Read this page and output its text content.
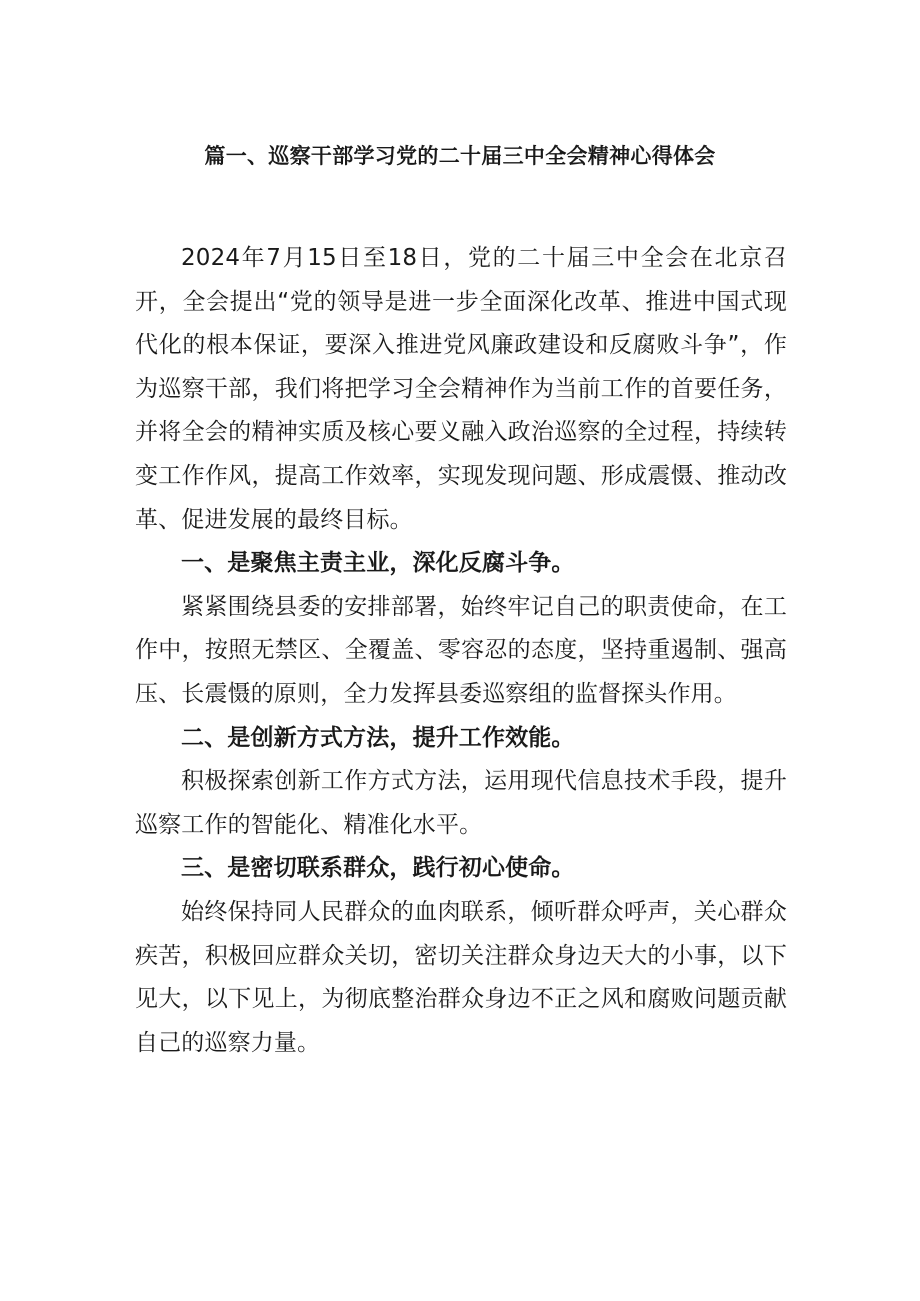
篇一、巡察干部学习党的二十届三中全会精神心得体会

2024年7月15日至18日，党的二十届三中全会在北京召开，全会提出“党的领导是进一步全面深化改革、推进中国式现代化的根本保证，要深入推进党风廉政建设和反腐败斗争”，作为巡察干部，我们将把学习全会精神作为当前工作的首要任务，并将全会的精神实质及核心要义融入政治巡察的全过程，持续转变工作作风，提高工作效率，实现发现问题、形成震慑、推动改革、促进发展的最终目标。

一、是聚焦主责主业，深化反腐斗争。

紧紧围绕县委的安排部署，始终牢记自己的职责使命，在工作中，按照无禁区、全覆盖、零容忍的态度，坚持重遏制、强高压、长震慑的原则，全力发挥县委巡察组的监督探头作用。

二、是创新方式方法，提升工作效能。

积极探索创新工作方式方法，运用现代信息技术手段，提升巡察工作的智能化、精准化水平。

三、是密切联系群众，践行初心使命。

始终保持同人民群众的血肉联系，倾听群众呼声，关心群众疾苦，积极回应群众关切，密切关注群众身边天大的小事，以下见大，以下见上，为彻底整治群众身边不正之风和腐败问题贡献自己的巡察力量。
